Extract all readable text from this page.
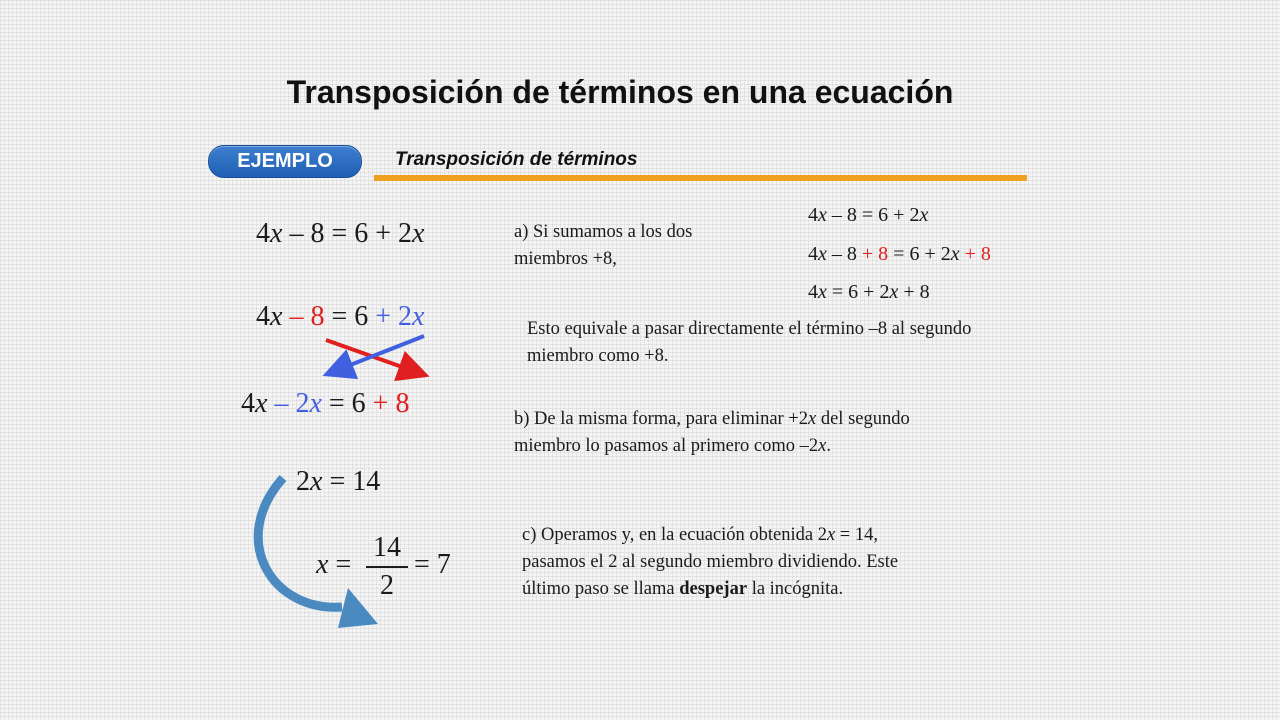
Transposición de términos en una ecuación
EJEMPLO	Transposición de términos
4x – 8 = 6 + 2x
4x – 8 = 6 + 2x
4x – 2x = 6 + 8
2x = 14
x =
14
2
= 7
a) Si sumamos a los dos miembros +8,
4x – 8 = 6 + 2x
4x – 8 + 8 = 6 + 2x + 8
4x = 6 + 2x + 8
Esto equivale a pasar directamente el término –8 al segundo miembro como +8.
b) De la misma forma, para eliminar +2x del segundo
miembro lo pasamos al primero como –2x.
c) Operamos y, en la ecuación obtenida 2x = 14,
pasamos el 2 al segundo miembro dividiendo. Este
último paso se llama despejar la incógnita.
